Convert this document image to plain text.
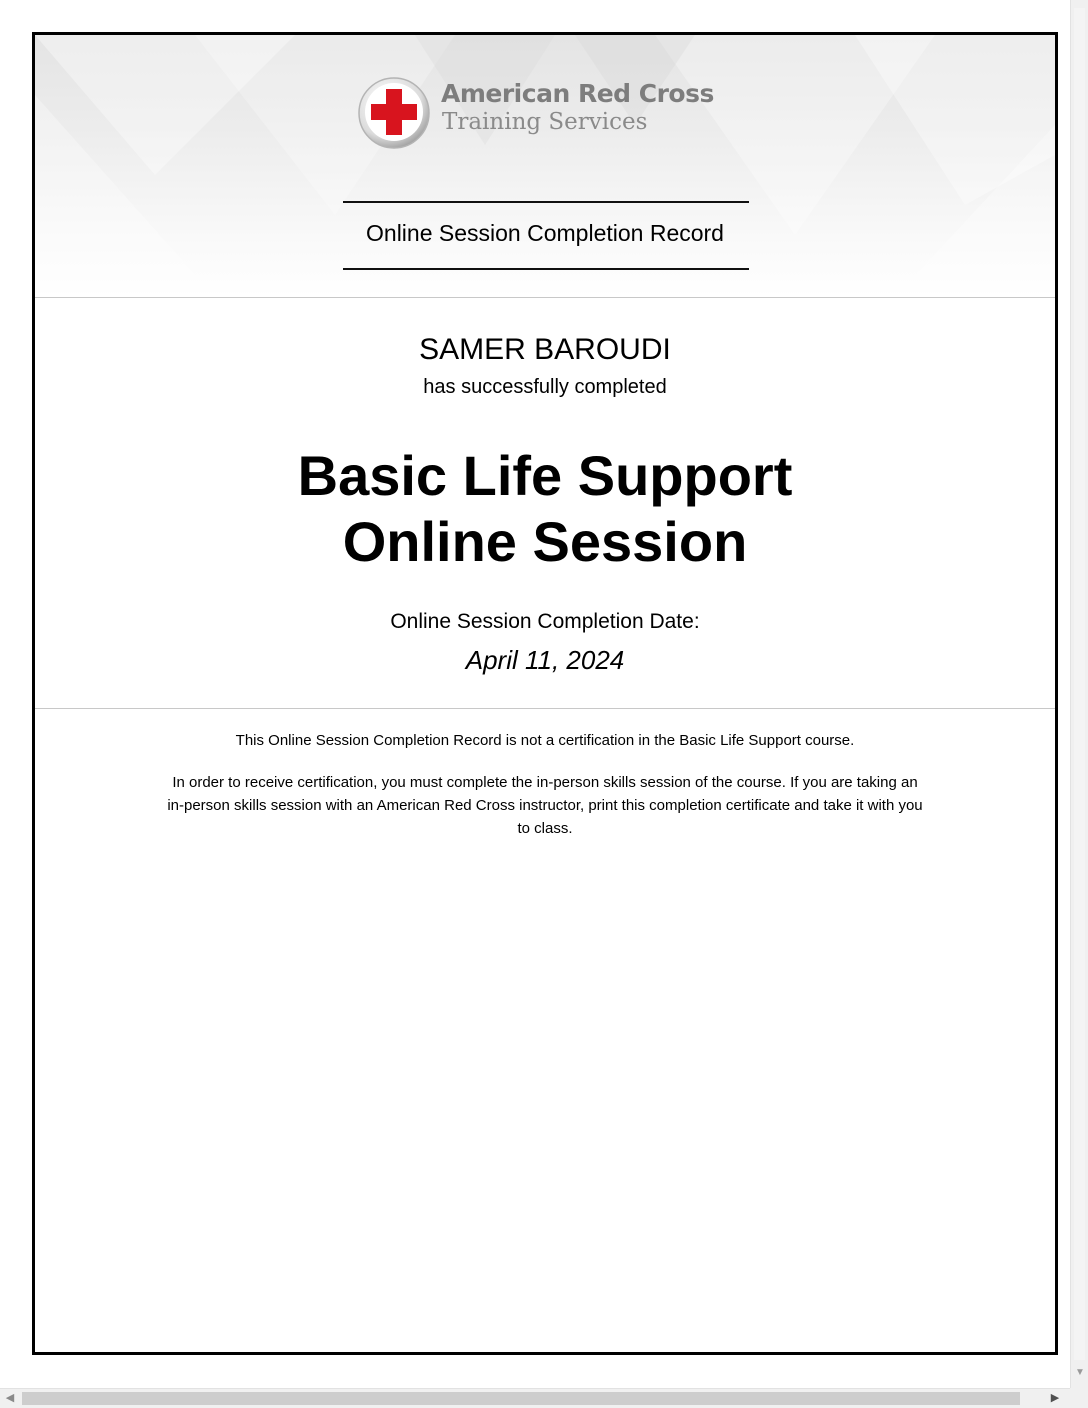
American Red Cross
Training Services
Online Session Completion Record
SAMER BAROUDI
has successfully completed
Basic Life Support
Online Session
Online Session Completion Date:
April 11, 2024
This Online Session Completion Record is not a certification in the Basic Life Support course.
In order to receive certification, you must complete the in-person skills session of the course. If you are taking an in-person skills session with an American Red Cross instructor, print this completion certificate and take it with you to class.
▼
◀	▶
